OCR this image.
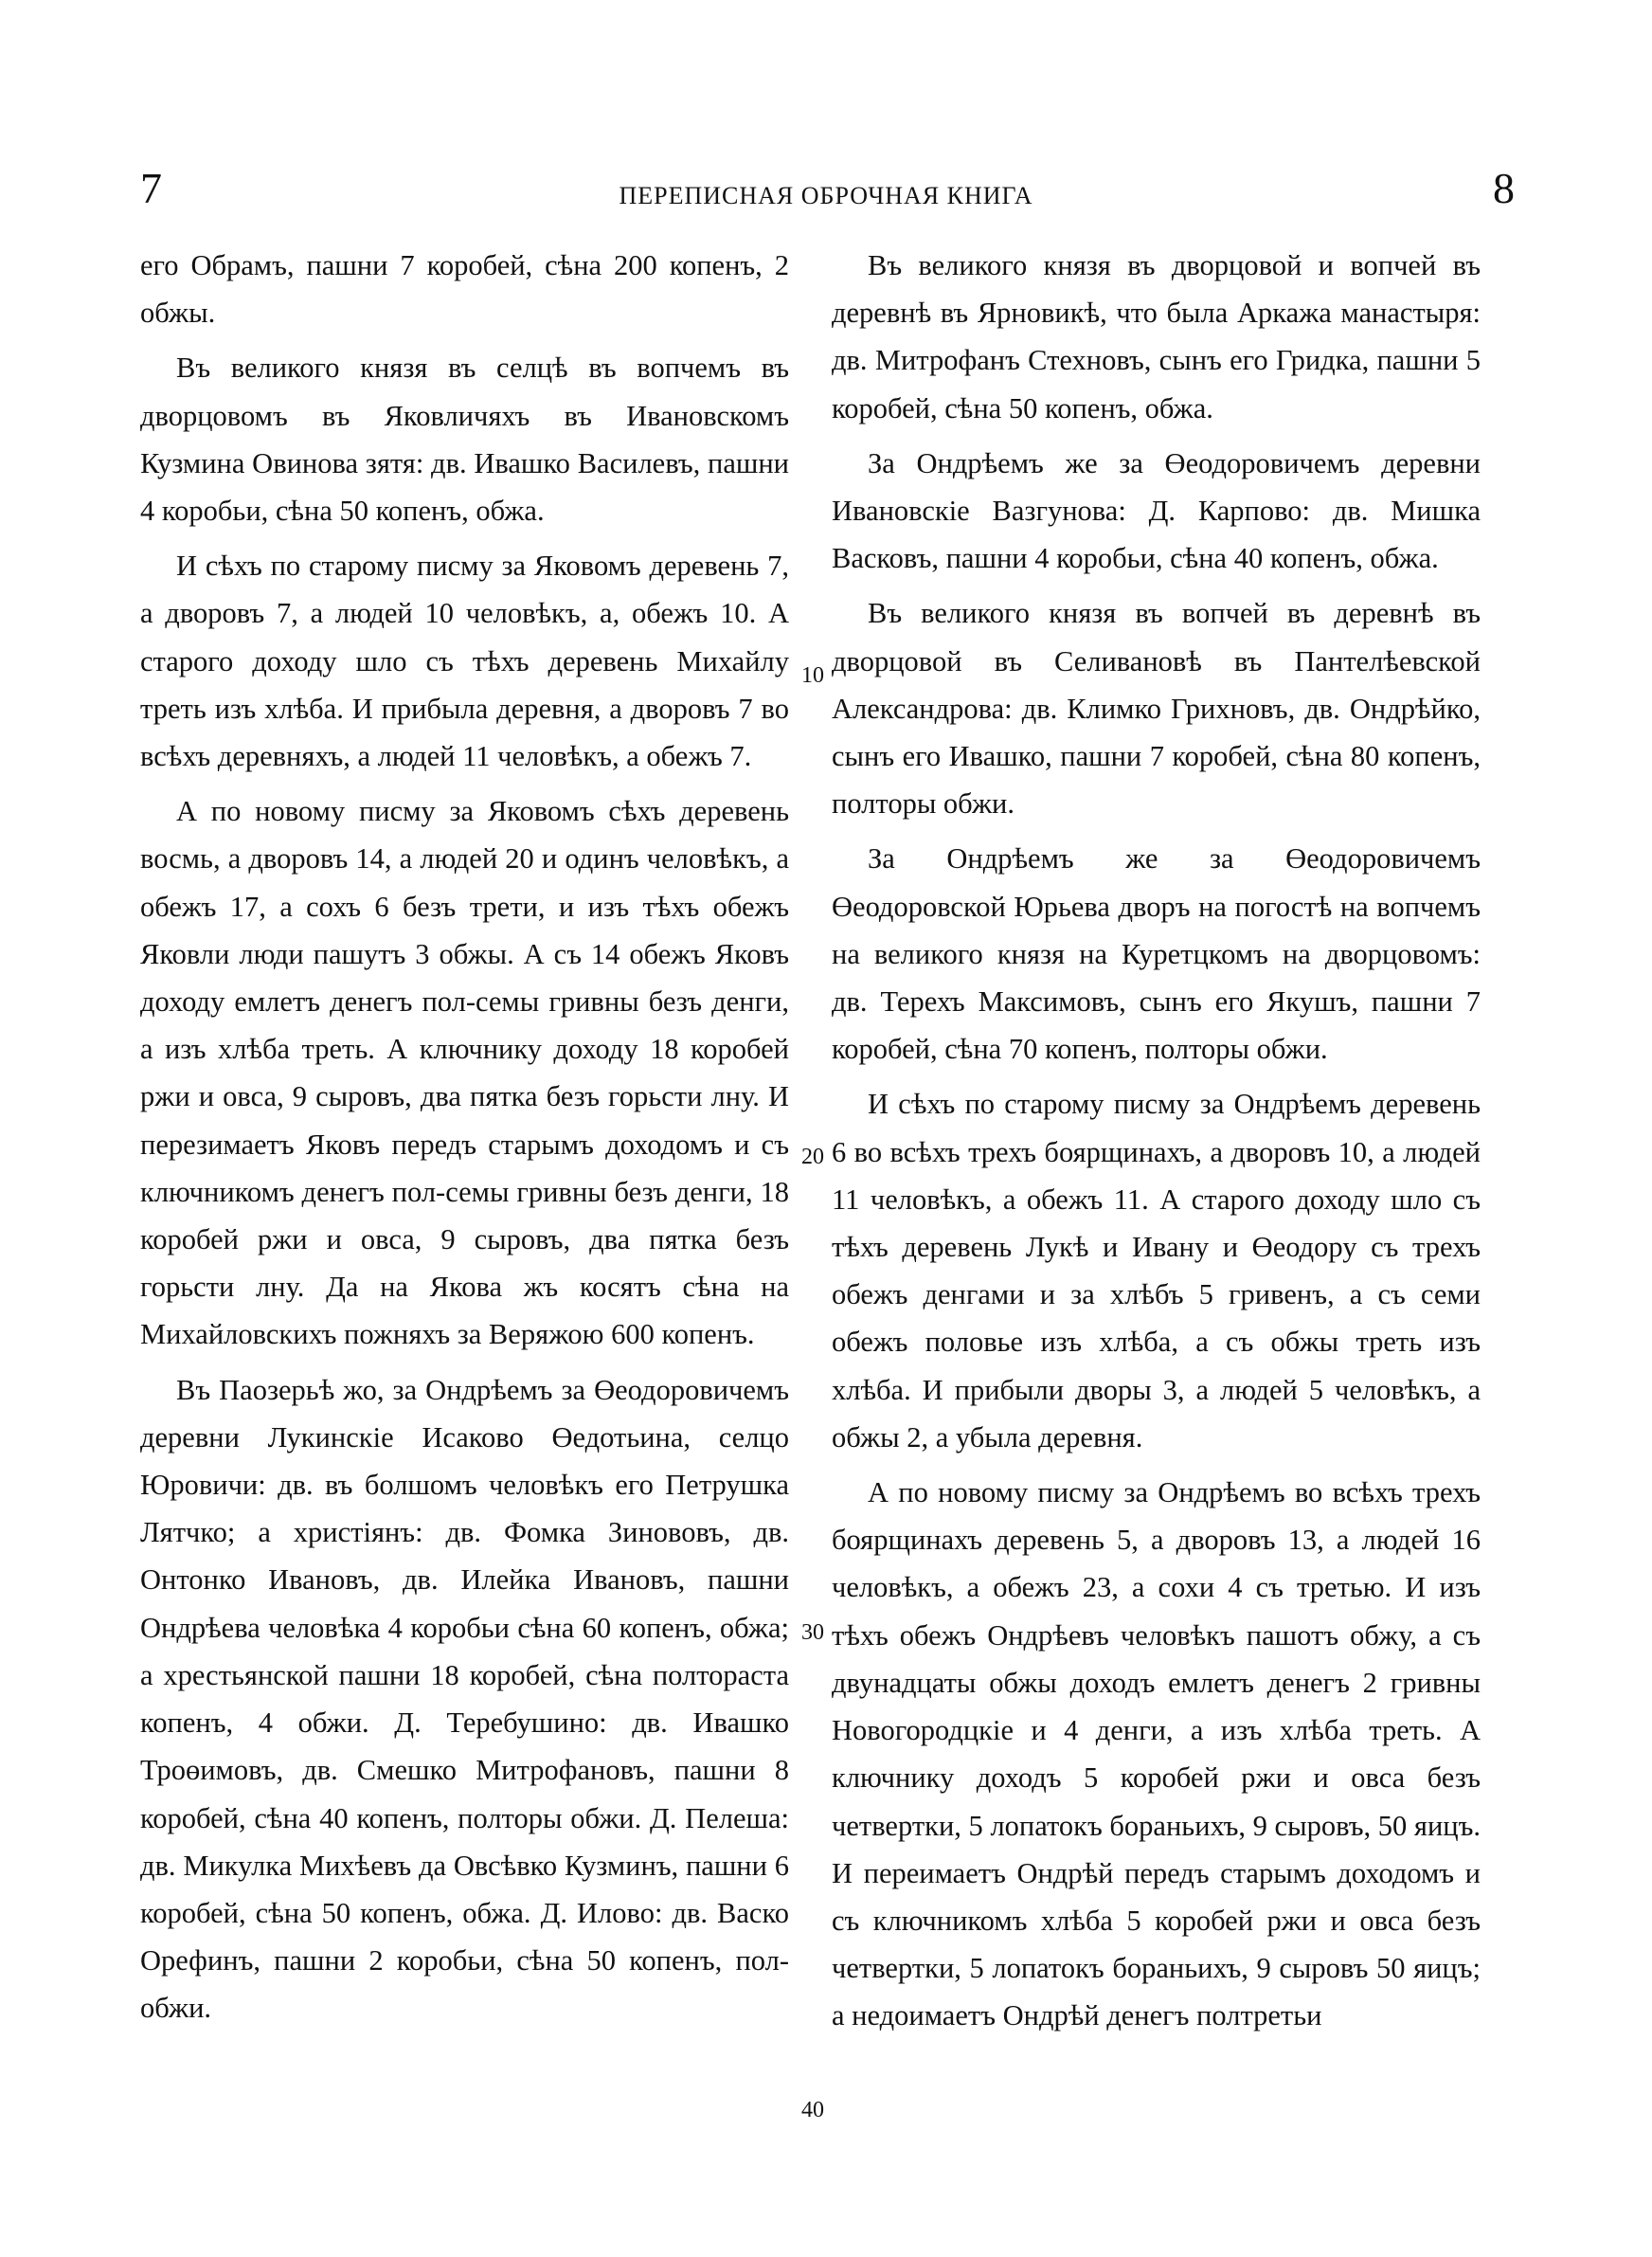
7	ПЕРЕПИСНАЯ ОБРОЧНАЯ КНИГА	8

его Обрамъ, пашни 7 коробей, сѣна 200 копенъ, 2 обжы.

Въ великого князя въ селцѣ въ вопчемъ въ дворцовомъ въ Яковличяхъ въ Ивановскомъ Кузмина Овинова зятя: дв. Ивашко Василевъ, пашни 4 коробьи, сѣна 50 копенъ, обжа.

И сѣхъ по старому писму за Яковомъ деревень 7, а дворовъ 7, а людей 10 человѣкъ, а, обежъ 10. А старого доходу шло съ тѣхъ деревень Михайлу треть изъ хлѣба. И прибыла деревня, а дворовъ 7 во всѣхъ деревняхъ, а людей 11 человѣкъ, а обежъ 7.

А по новому писму за Яковомъ сѣхъ деревень восмь, а дворовъ 14, а людей 20 и одинъ человѣкъ, а обежъ 17, а сохъ 6 безъ трети, и изъ тѣхъ обежъ Яковли люди пашутъ 3 обжы. А съ 14 обежъ Яковъ доходу емлетъ денегъ пол-семы гривны безъ денги, а изъ хлѣба треть. А ключнику доходу 18 коробей ржи и овса, 9 сыровъ, два пятка безъ горьсти лну. И перезимаетъ Яковъ передъ старымъ доходомъ и съ ключникомъ денегъ пол-семы гривны безъ денги, 18 коробей ржи и овса, 9 сыровъ, два пятка безъ горьсти лну. Да на Якова жъ косятъ сѣна на Михайловскихъ пожняхъ за Веряжою 600 копенъ.

Въ Паозерьѣ жо, за Ондрѣемъ за Өеодоровичемъ деревни Лукинскіе Исаково Өедотьина, селцо Юровичи: дв. въ болшомъ человѣкъ его Петрушка Лятчко; а христіянъ: дв. Фомка Зинововъ, дв. Онтонко Ивановъ, дв. Илейка Ивановъ, пашни Ондрѣева человѣка 4 коробьи сѣна 60 копенъ, обжа; а хрестьянской пашни 18 коробей, сѣна полтораста копенъ, 4 обжи. Д. Теребушино: дв. Ивашко Троөимовъ, дв. Смешко Митрофановъ, пашни 8 коробей, сѣна 40 копенъ, полторы обжи. Д. Пелеша: дв. Микулка Михѣевъ да Овсѣвко Кузминъ, пашни 6 коробей, сѣна 50 копенъ, обжа. Д. Илово: дв. Васко Орефинъ, пашни 2 коробьи, сѣна 50 копенъ, пол-обжи.

10
20
30
40

Въ великого князя въ дворцовой и вопчей въ деревнѣ въ Ярновикѣ, что была Аркажа манастыря: дв. Митрофанъ Стехновъ, сынъ его Гридка, пашни 5 коробей, сѣна 50 копенъ, обжа.

За Ондрѣемъ же за Өеодоровичемъ деревни Ивановскіе Вазгунова: Д. Карпово: дв. Мишка Васковъ, пашни 4 коробьи, сѣна 40 копенъ, обжа.

Въ великого князя въ вопчей въ деревнѣ въ дворцовой въ Селивановѣ въ Пантелѣевской Александрова: дв. Климко Грихновъ, дв. Ондрѣйко, сынъ его Ивашко, пашни 7 коробей, сѣна 80 копенъ, полторы обжи.

За Ондрѣемъ же за Өеодоровичемъ Өеодоровской Юрьева дворъ на погостѣ на вопчемъ на великого князя на Куретцкомъ на дворцовомъ: дв. Терехъ Максимовъ, сынъ его Якушъ, пашни 7 коробей, сѣна 70 копенъ, полторы обжи.

И сѣхъ по старому писму за Ондрѣемъ деревень 6 во всѣхъ трехъ боярщинахъ, а дворовъ 10, а людей 11 человѣкъ, а обежъ 11. А старого доходу шло съ тѣхъ деревень Лукѣ и Ивану и Өеодору съ трехъ обежъ денгами и за хлѣбъ 5 гривенъ, а съ семи обежъ половье изъ хлѣба, а съ обжы треть изъ хлѣба. И прибыли дворы 3, а людей 5 человѣкъ, а обжы 2, а убыла деревня.

А по новому писму за Ондрѣемъ во всѣхъ трехъ боярщинахъ деревень 5, а дворовъ 13, а людей 16 человѣкъ, а обежъ 23, а сохи 4 съ третью. И изъ тѣхъ обежъ Ондрѣевъ человѣкъ пашотъ обжу, а съ двунадцаты обжы доходъ емлетъ денегъ 2 гривны Новогородцкіе и 4 денги, а изъ хлѣба треть. А ключнику доходъ 5 коробей ржи и овса безъ четвертки, 5 лопатокъ бораньихъ, 9 сыровъ, 50 яицъ. И переимаетъ Ондрѣй передъ старымъ доходомъ и съ ключникомъ хлѣба 5 коробей ржи и овса безъ четвертки, 5 лопатокъ бораньихъ, 9 сыровъ 50 яицъ; а недоимаетъ Ондрѣй денегъ полтретьи
